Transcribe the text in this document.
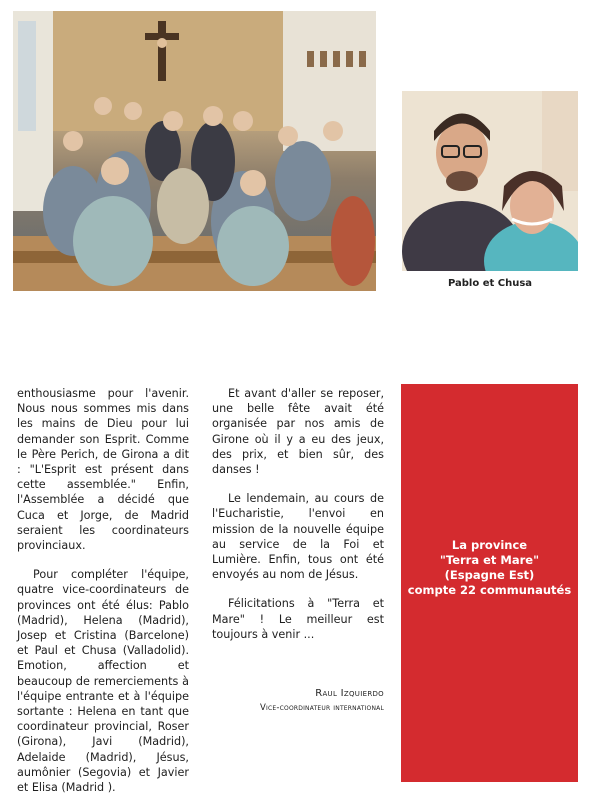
Pablo et Chusa

enthousiasme pour l'avenir. Nous nous sommes mis dans les mains de Dieu pour lui demander son Esprit. Comme le Père Perich, de Girona a dit : "L'Esprit est présent dans cette assemblée." Enfin, l'Assemblée a décidé que Cuca et Jorge, de Madrid seraient les coordinateurs provinciaux.

Pour compléter l'équipe, quatre vice-coordinateurs de provinces ont été élus: Pablo (Madrid), Helena (Madrid), Josep et Cristina (Barcelone) et Paul et Chusa (Valladolid). Emotion, affection et beaucoup de remerciements à l'équipe entrante et à l'équipe sortante : Helena en tant que coordinateur provincial, Roser (Girona), Javi (Madrid), Adelaide (Madrid), Jésus, aumônier (Segovia) et Javier et Elisa (Madrid ).

Et avant d'aller se reposer, une belle fête avait été organisée par nos amis de Girone où il y a eu des jeux, des prix, et bien sûr, des danses !

Le lendemain, au cours de l'Eucharistie, l'envoi en mission de la nouvelle équipe au service de la Foi et Lumière. Enfin, tous ont été envoyés au nom de Jésus.

Félicitations à "Terra et Mare" ! Le meilleur est toujours à venir ...

Raul Izquierdo
Vice-coordinateur international
La province
"Terra et Mare"
(Espagne Est)
compte 22 communautés
